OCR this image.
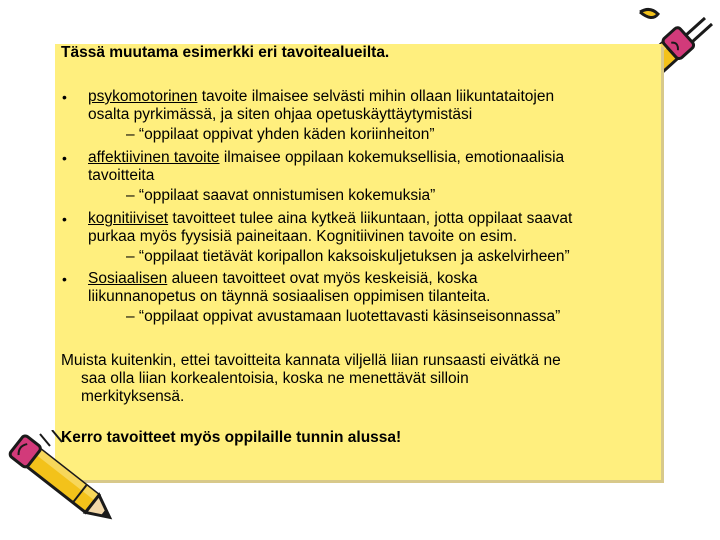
Tässä muutama esimerkki eri tavoitealueilta.
• psykomotorinen tavoite ilmaisee selvästi mihin ollaan liikuntataitojen
osalta pyrkimässä, ja siten ohjaa opetuskäyttäytymistäsi
– “oppilaat oppivat yhden käden koriinheiton”
• affektiivinen tavoite ilmaisee oppilaan kokemuksellisia, emotionaalisia
tavoitteita
– “oppilaat saavat onnistumisen kokemuksia”
• kognitiiviset tavoitteet tulee aina kytkeä liikuntaan, jotta oppilaat saavat
purkaa myös fyysisiä paineitaan. Kognitiivinen tavoite on esim.
– “oppilaat tietävät koripallon kaksoiskuljetuksen ja askelvirheen”
• Sosiaalisen alueen tavoitteet ovat myös keskeisiä, koska
liikunnanopetus on täynnä sosiaalisen oppimisen tilanteita.
– “oppilaat oppivat avustamaan luotettavasti käsinseisonnassa”
Muista kuitenkin, ettei tavoitteita kannata viljellä liian runsaasti eivätkä ne
saa olla liian korkealentoisia, koska ne menettävät silloin
merkityksensä.
Kerro tavoitteet myös oppilaille tunnin alussa!
